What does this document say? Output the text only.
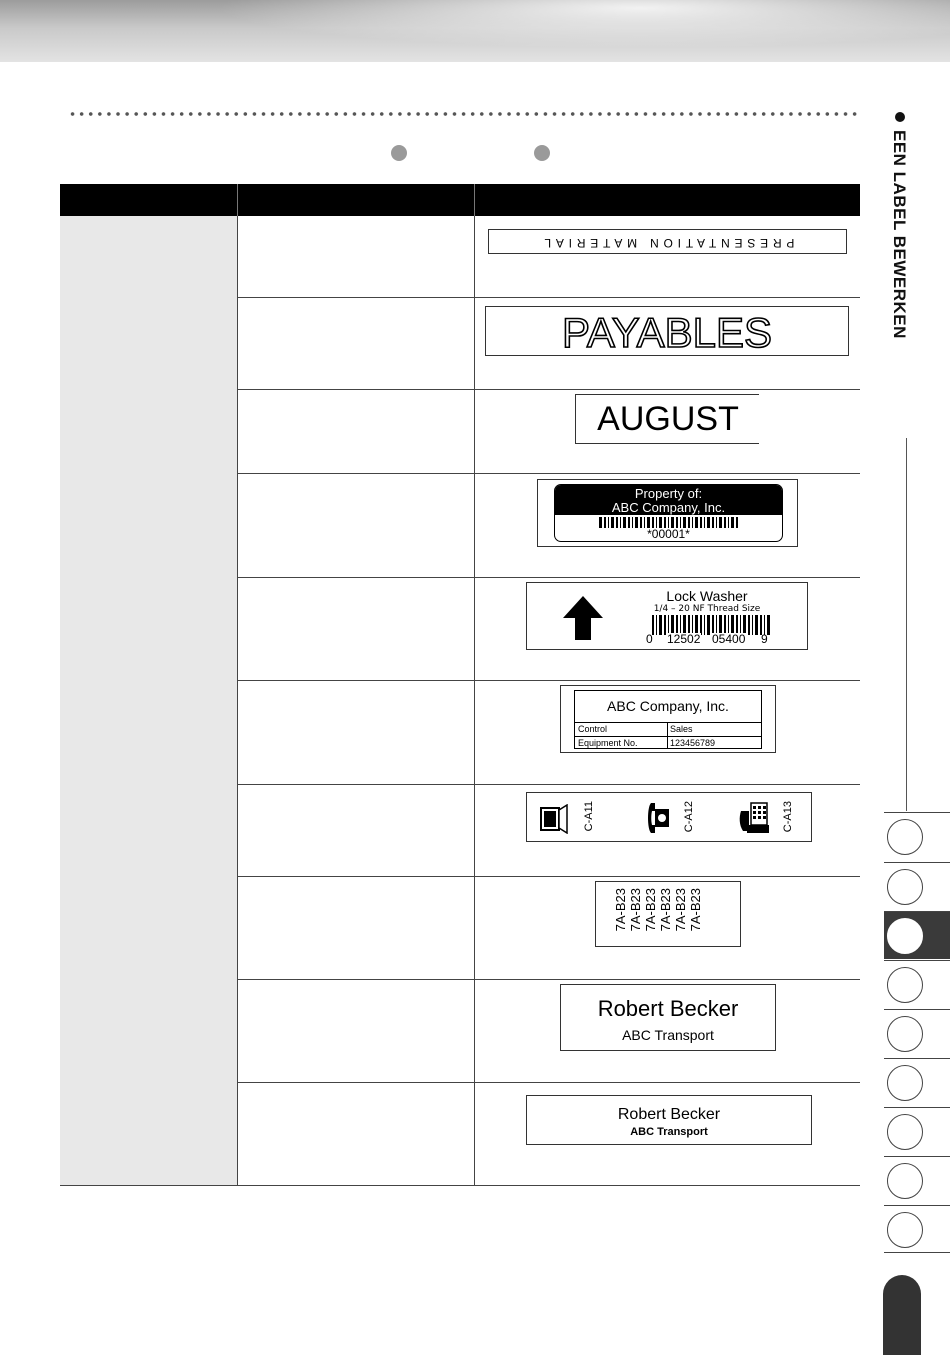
PRESENTATION MATERIAL
PAYABLES
AUGUST
Property of:
ABC Company, Inc.
*00001*
Lock Washer
1/4 – 20 NF Thread Size
0 12502 05400 9
ABC Company, Inc.
Control	Sales
Equipment No.	123456789
C-A11	C-A12	C-A13
7A-B23 7A-B23 7A-B23 7A-B23 7A-B23 7A-B23
Robert Becker
ABC Transport
Robert Becker
ABC Transport
EEN LABEL BEWERKEN
